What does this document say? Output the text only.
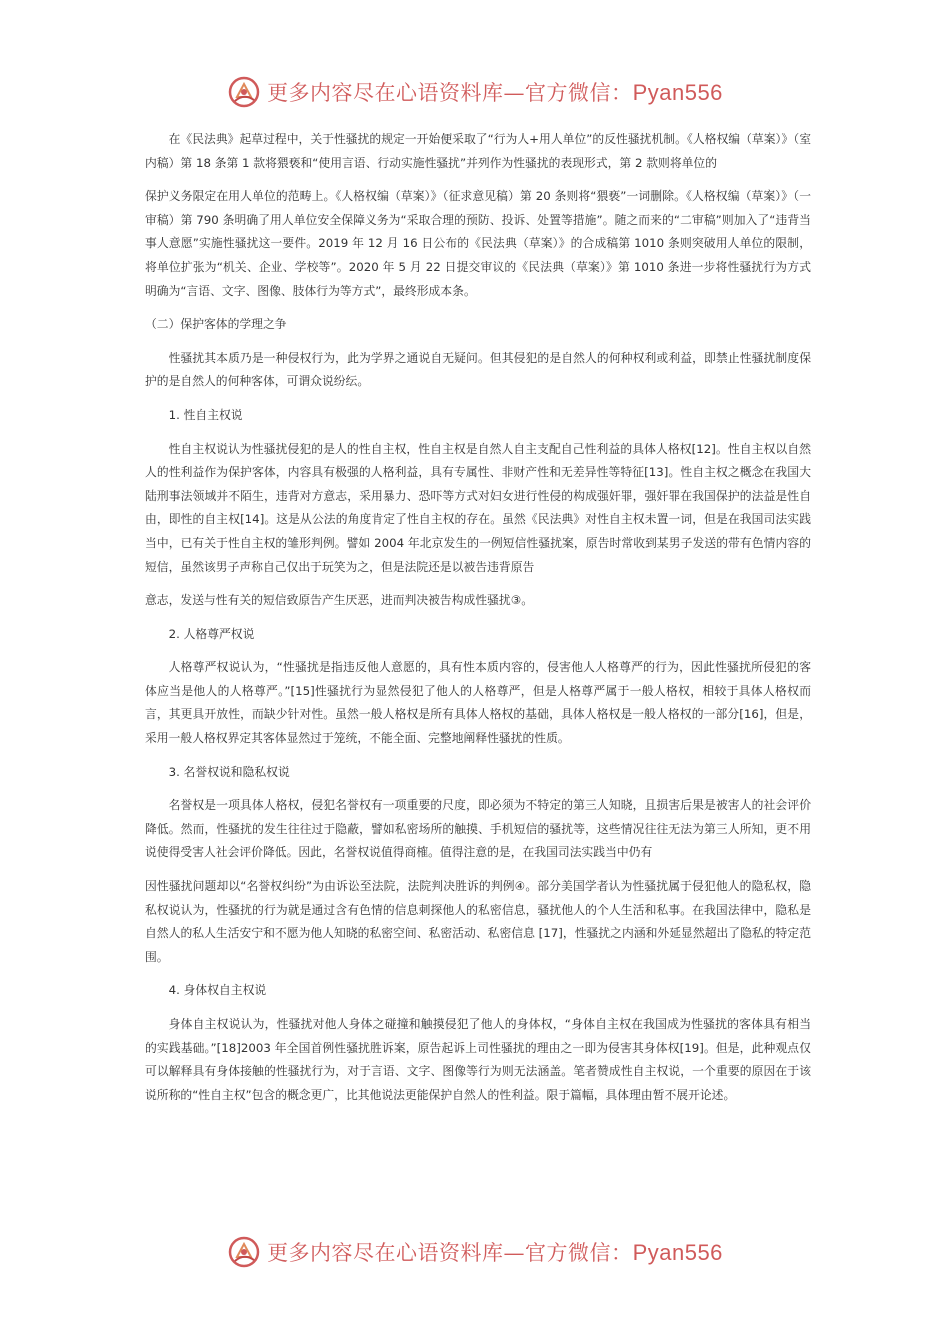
更多内容尽在心语资料库—官方微信：Pyan556

在《民法典》起草过程中，关于性骚扰的规定一开始便采取了“行为人+用人单位”的反性骚扰机制。《人格权编（草案）》（室内稿）第 18 条第 1 款将猥亵和“使用言语、行动实施性骚扰”并列作为性骚扰的表现形式，第 2 款则将单位的

保护义务限定在用人单位的范畴上。《人格权编（草案）》（征求意见稿）第 20 条则将“猥亵”一词删除。《人格权编（草案）》（一审稿）第 790 条明确了用人单位安全保障义务为“采取合理的预防、投诉、处置等措施”。随之而来的“二审稿”则加入了“违背当事人意愿”实施性骚扰这一要件。2019 年 12 月 16 日公布的《民法典（草案）》的合成稿第 1010 条则突破用人单位的限制，将单位扩张为“机关、企业、学校等”。2020 年 5 月 22 日提交审议的《民法典（草案）》第 1010 条进一步将性骚扰行为方式明确为“言语、文字、图像、肢体行为等方式”，最终形成本条。

（二）保护客体的学理之争

性骚扰其本质乃是一种侵权行为，此为学界之通说自无疑问。但其侵犯的是自然人的何种权利或利益，即禁止性骚扰制度保护的是自然人的何种客体，可谓众说纷纭。

1. 性自主权说

性自主权说认为性骚扰侵犯的是人的性自主权，性自主权是自然人自主支配自己性利益的具体人格权[12]。性自主权以自然人的性利益作为保护客体，内容具有极强的人格利益，具有专属性、非财产性和无差异性等特征[13]。性自主权之概念在我国大陆刑事法领域并不陌生，违背对方意志，采用暴力、恐吓等方式对妇女进行性侵的构成强奸罪，强奸罪在我国保护的法益是性自由，即性的自主权[14]。这是从公法的角度肯定了性自主权的存在。虽然《民法典》对性自主权未置一词，但是在我国司法实践当中，已有关于性自主权的雏形判例。譬如 2004 年北京发生的一例短信性骚扰案，原告时常收到某男子发送的带有色情内容的短信，虽然该男子声称自己仅出于玩笑为之，但是法院还是以被告违背原告

意志，发送与性有关的短信致原告产生厌恶，进而判决被告构成性骚扰③。

2. 人格尊严权说

人格尊严权说认为，“性骚扰是指违反他人意愿的，具有性本质内容的，侵害他人人格尊严的行为，因此性骚扰所侵犯的客体应当是他人的人格尊严。”[15]性骚扰行为显然侵犯了他人的人格尊严，但是人格尊严属于一般人格权，相较于具体人格权而言，其更具开放性，而缺少针对性。虽然一般人格权是所有具体人格权的基础，具体人格权是一般人格权的一部分[16]，但是，采用一般人格权界定其客体显然过于笼统，不能全面、完整地阐释性骚扰的性质。

3. 名誉权说和隐私权说

名誉权是一项具体人格权，侵犯名誉权有一项重要的尺度，即必须为不特定的第三人知晓，且损害后果是被害人的社会评价降低。然而，性骚扰的发生往往过于隐蔽，譬如私密场所的触摸、手机短信的骚扰等，这些情况往往无法为第三人所知，更不用说使得受害人社会评价降低。因此，名誉权说值得商榷。值得注意的是，在我国司法实践当中仍有

因性骚扰问题却以“名誉权纠纷”为由诉讼至法院，法院判决胜诉的判例④。部分美国学者认为性骚扰属于侵犯他人的隐私权，隐私权说认为，性骚扰的行为就是通过含有色情的信息刺探他人的私密信息，骚扰他人的个人生活和私事。在我国法律中，隐私是自然人的私人生活安宁和不愿为他人知晓的私密空间、私密活动、私密信息 [17]，性骚扰之内涵和外延显然超出了隐私的特定范围。

4. 身体权自主权说

身体自主权说认为，性骚扰对他人身体之碰撞和触摸侵犯了他人的身体权，“身体自主权在我国成为性骚扰的客体具有相当的实践基础。”[18]2003 年全国首例性骚扰胜诉案，原告起诉上司性骚扰的理由之一即为侵害其身体权[19]。但是，此种观点仅可以解释具有身体接触的性骚扰行为，对于言语、文字、图像等行为则无法涵盖。笔者赞成性自主权说，一个重要的原因在于该说所称的“性自主权”包含的概念更广，比其他说法更能保护自然人的性利益。限于篇幅，具体理由暂不展开论述。

更多内容尽在心语资料库—官方微信：Pyan556
